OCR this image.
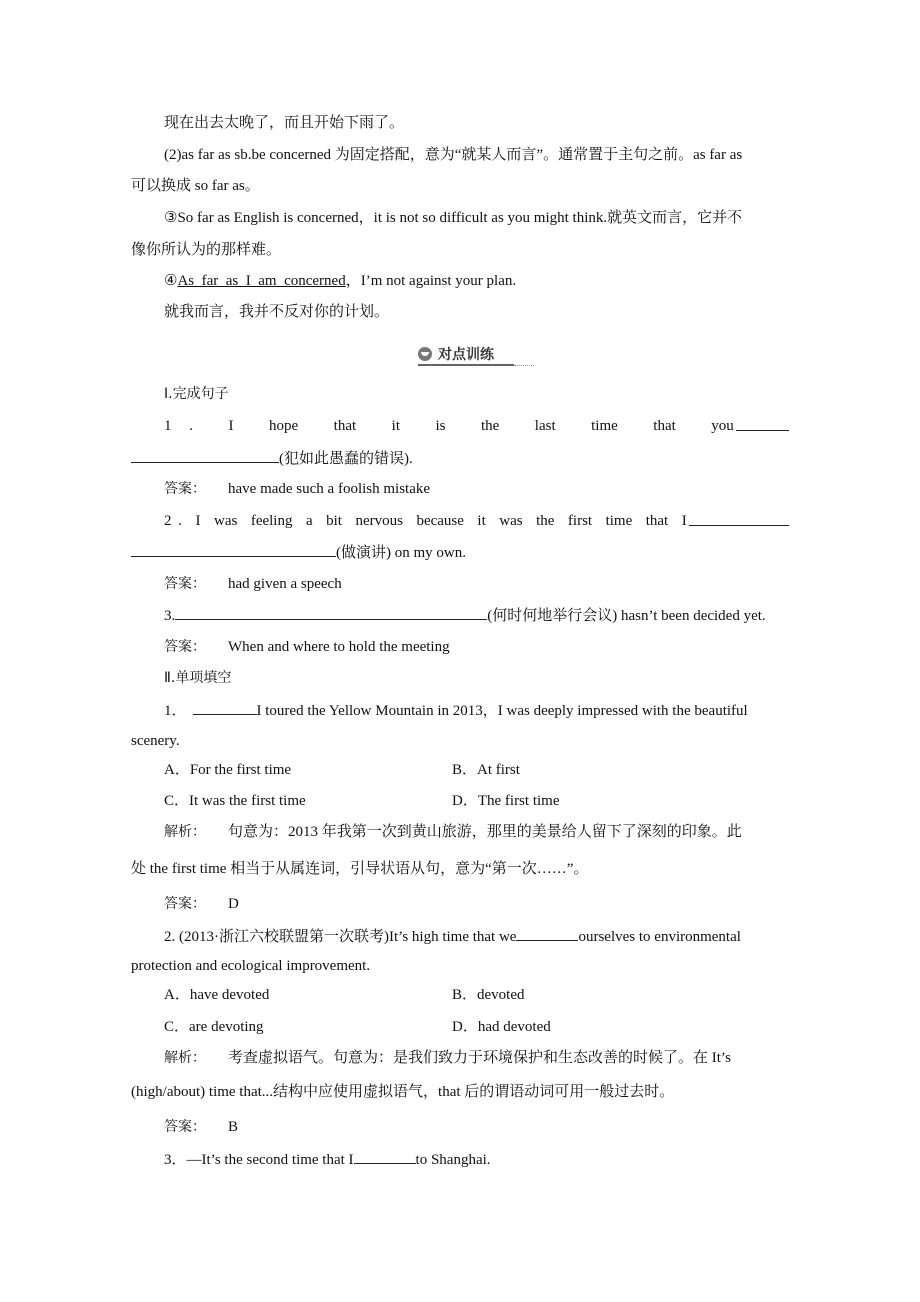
现在出去太晚了，而且开始下雨了。
(2)as far as sb.be concerned 为固定搭配，意为“就某人而言”。通常置于主句之前。as far as
可以换成 so far as。
③So far as English is concerned，it is not so difficult as you might think.就英文而言，它并不
像你所认为的那样难。
④As  far  as  I  am  concerned，I’m not against your plan.
就我而言，我并不反对你的计划。
对点训练
Ⅰ.完成句子
1 .  I  hope  that  it  is  the  last  time  that  you
(犯如此愚蠢的错误).
答案： have made such a foolish mistake
2 .  I  was  feeling  a  bit  nervous  because  it  was  the  first  time  that  I
(做演讲) on my own.
答案： had given a speech
3.	(何时何地举行会议) hasn’t been decided yet.
答案： When and where to hold the meeting
Ⅱ.单项填空
1．	I toured the Yellow Mountain in 2013，I was deeply impressed with the beautiful
scenery.
A．For the first time	B．At first
C．It was the first time	D．The first time
解析： 句意为：2013 年我第一次到黄山旅游，那里的美景给人留下了深刻的印象。此
处 the first time 相当于从属连词，引导状语从句，意为“第一次……”。
答案： D
2. (2013·浙江六校联盟第一次联考)It’s high time that we	ourselves to environmental
protection and ecological improvement.
A．have devoted	B．devoted
C．are devoting	D．had devoted
解析： 考查虚拟语气。句意为：是我们致力于环境保护和生态改善的时候了。在 It’s
(high/about) time that...结构中应使用虚拟语气，that 后的谓语动词可用一般过去时。
答案： B
3．—It’s the second time that I	to Shanghai.
